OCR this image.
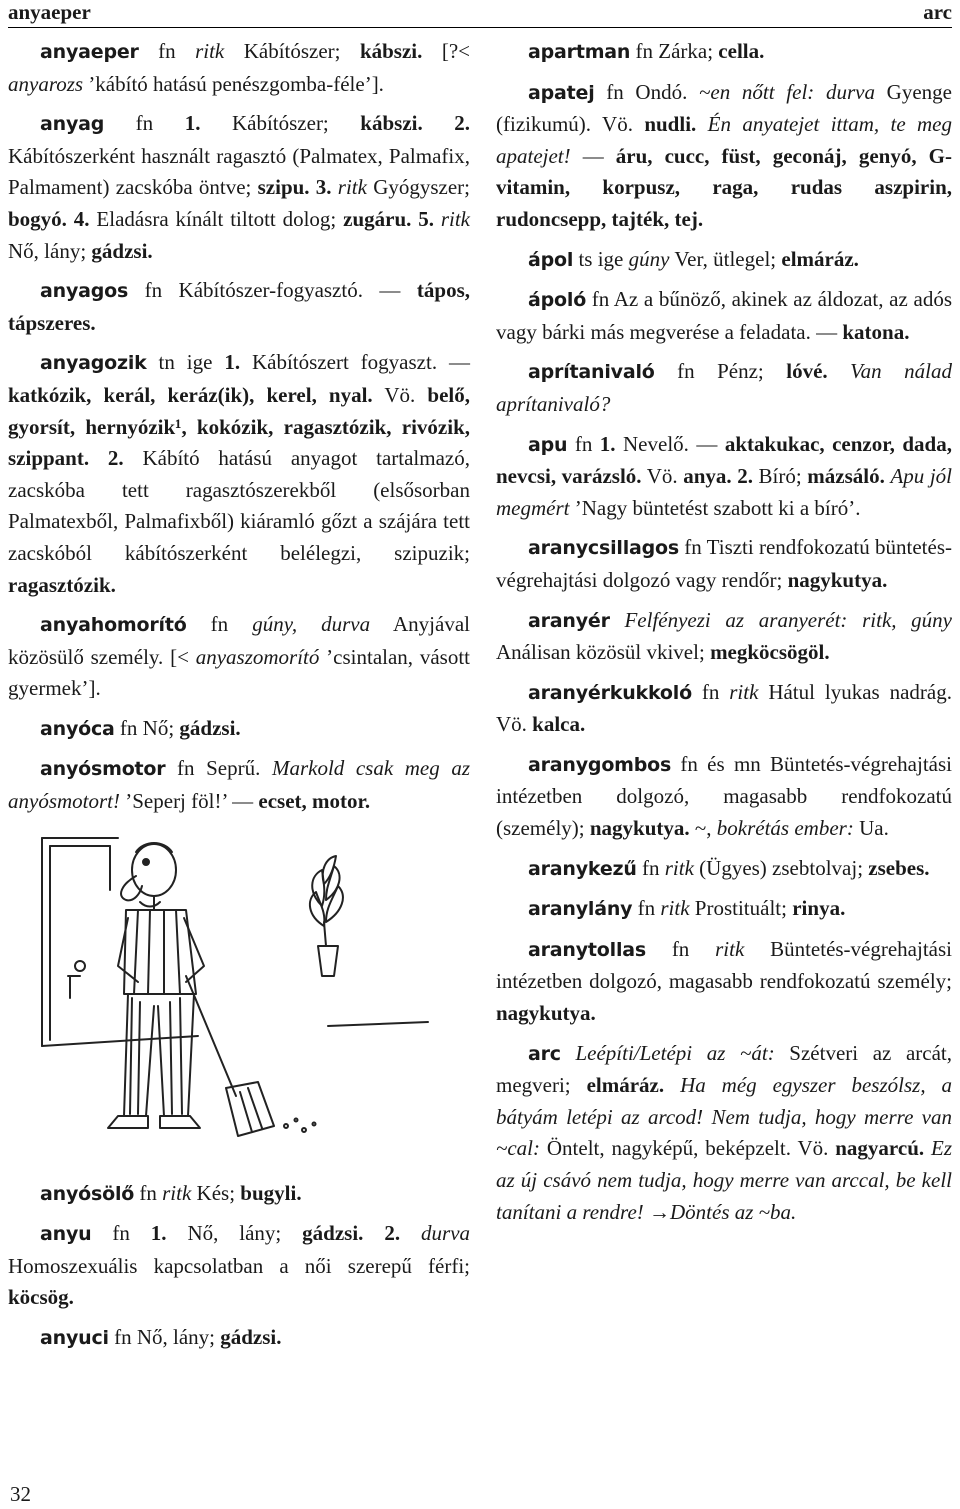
anyaeper	arc

anyaeper fn ritk Kábítószer; kábszi. [?< anyarozs ’kábító hatású penészgomba-féle’].

anyag fn 1. Kábítószer; kábszi. 2. Kábítószerként használt ragasztó (Palmatex, Palmafix, Palmament) zacskóba öntve; szipu. 3. ritk Gyógyszer; bogyó. 4. Eladásra kínált tiltott dolog; zugáru. 5. ritk Nő, lány; gádzsi.

anyagos fn Kábítószer-fogyasztó. — tápos, tápszeres.

anyagozik tn ige 1. Kábítószert fogyaszt. — katkózik, kerál, keráz(ik), kerel, nyal. Vö. belő, gyorsít, hernyózik¹, kokózik, ragasztózik, rivózik, szippant. 2. Kábító hatású anyagot tartalmazó, zacskóba tett ragasztószerekből (elsősorban Palmatexből, Palmafixből) kiáramló gőzt a szájára tett zacskóból kábítószerként belélegzi, szipuzik; ragasztózik.

anyahomorító fn gúny, durva Anyjával közösülő személy. [< anyaszomorító ’csintalan, vásott gyermek’].

anyóca fn Nő; gádzsi.

anyósmotor fn Seprű. Markold csak meg az anyósmotort! ’Seperj föl!’ — ecset, motor.

anyósölő fn ritk Kés; bugyli.

anyu fn 1. Nő, lány; gádzsi. 2. durva Homoszexuális kapcsolatban a női szerepű férfi; köcsög.

anyuci fn Nő, lány; gádzsi.

apartman fn Zárka; cella.

apatej fn Ondó. ~en nőtt fel: durva Gyenge (fizikumú). Vö. nudli. Én anyatejet ittam, te meg apatejet! — áru, cucc, füst, geconáj, genyó, G-vitamin, korpusz, raga, rudas aszpirin, rudoncsepp, tajték, tej.

ápol ts ige gúny Ver, ütlegel; elmáráz.

ápoló fn Az a bűnöző, akinek az áldozat, az adós vagy bárki más megverése a feladata. — katona.

aprítanivaló fn Pénz; lóvé. Van nálad aprítanivaló?

apu fn 1. Nevelő. — aktakukac, cenzor, dada, nevcsi, varázsló. Vö. anya. 2. Bíró; mázsáló. Apu jól megmért ’Nagy büntetést szabott ki a bíró’.

aranycsillagos fn Tiszti rendfokozatú büntetés-végrehajtási dolgozó vagy rendőr; nagykutya.

aranyér Felfényezi az aranyerét: ritk, gúny Análisan közösül vkivel; megköcsögöl.

aranyérkukkoló fn ritk Hátul lyukas nadrág. Vö. kalca.

aranygombos fn és mn Büntetés-végrehajtási intézetben dolgozó, magasabb rendfokozatú (személy); nagykutya. ~, bokrétás ember: Ua.

aranykezű fn ritk (Ügyes) zsebtolvaj; zsebes.

aranylány fn ritk Prostituált; rinya.

aranytollas fn ritk Büntetés-végrehajtási intézetben dolgozó, magasabb rendfokozatú személy; nagykutya.

arc Leépíti/Letépi az ~át: Szétveri az arcát, megveri; elmáráz. Ha még egyszer beszólsz, a bátyám letépi az arcod! Nem tudja, hogy merre van ~cal: Öntelt, nagyképű, beképzelt. Vö. nagyarcú. Ez az új csávó nem tudja, hogy merre van arccal, be kell tanítani a rendre! →Döntés az ~ba.

32
